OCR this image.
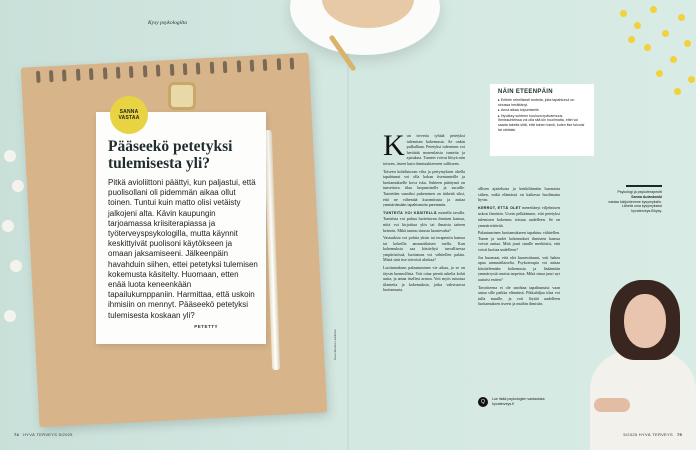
Kysy psykologilta
Pääseekö petetyksi tulemisesta yli?

Pitkä avioliittoni päättyi, kun paljastui, että puolisollani oli pidemmän aikaa ollut toinen. Tuntui kuin matto olisi vetäisty jalkojeni alta. Kävin kaupungin tarjoamassa kriisiterapiassa ja työterveyspsykologilla, mutta käynnit keskittyivät puolisoni käytökseen ja omaan jaksamiseeni. Jälkeenpäin havahduin siihen, ettei petetyksi tulemisen kokemusta käsitelty. Huomaan, etten enää luota keneenkään tapailukumppaniin. Harmittaa, että uskoin ihmisiin on mennyt. Pääseekö petetyksi tulemisesta koskaan yli?

PETETTY
SANNA
VASTAA
Kuva Markus Leikkinen
K un tervetia tyhtää petetyksi tulemisen kokemusta. Se onkin pulkallaan. Petetyksi tulemisen voi herättää monenlaisia tunteita ja ajatuksia. Tunteet voivat liittyä niin toiseen, itseen kuin ihmissuhteeseen sallitseen.

Toiseen kohdistuvan viha ja pettymyksen ohella tapahtunut voi olla kokan itsentunteille ja luottamukselle kova isku. Suhteen päättymä on tunsettava tilaa luopumiselle ja suruille. Tunteiden sanoiksi pukeminen on tärkeää siksi, että ne vähentää kuormitusta ja auttaa ymmärtämään tapahtunutta paremmin.

TUNTEITA VOI KÄSITELLÄ monella tavalla. Tunteista voi puhua luotettavan ihmisen kanssa, niitä voi kirjoittaa ylös tai ilmaista taiteen keinoin. Mikä tuntuu sinusta luontevalta?

Vastauksia voi pohtia yksin tai terapeutin kanssa tai kokeilla ammattilaisen tuella. Kun kokemuksia saa käsiteltyä turvallisessa ympäristössä, luottamus voi vähitellen palata. Mistä sinä itse toivoisit aloittaa?

Luottamuksen palautuminen vie aikaa, ja se on täysin luonnollista. Voit ottaa pieniä askelia kohti uutta, ja antaa itsellesi armoa. Voit myös tutustua tilanteita ja kokemuksia, jotka vahvistavat luottamusta.

allisen ajattelusta ja kenkiltämätn huomiota siihen, mikä elämässä on kaikesta huolimatta hyvin.

KERROT, ETTÄ OLET menettänyt viljelmisen uskon ihmisiin. Usein pelkäämme, että petetyksi tulemisen kokemus toistuu uudelleen. Se on ymmärrettävää.

Palautuminen luottamukseen tapahtuu vähitellen. Tunne ja uudet kokemukset ihmisten kanssa voivat auttaa. Mitä juuri sinulle merkitsisi, että voisit luottaa uudelleen?

Jos huomaat, että olet kuormittunut, voit hakea apua ammattilaiselta. Psykoterapia voi auttaa käsittelemään kokemusta ja lisäämään ymmärrystä omista tarpeista. Mikä sinua juuri nyt auttaisi eniten?

Tavoitteena ei ole unohtaa tapahtunutta vaan antaa sille paikka elämässä. Pikkuhiljaa tilaa voi tulla muulle, ja voit löytää uudelleen luottamuksen itseesi ja muihin ihmisiin.

NÄIN ETEENPÄIN
▸Erittele rehellisesti tunteita, joita tapahtunut on sinussa herättänyt.
▸Anna aikaa toipumiselle.
▸Hyväksy suhteen kuuluva epävarmuus. Ihmissuhteissa voi olla sitä kin huolimatta, ettei voi saada takeita siitä, että toinen toimii, kuten itse toivoisi tai olettaisi.
Psykologi ja psykoterapeutti
Sanna Aulankoski
vastaa lukijoidemme kysymyksiin.
Lähetä oma kysymyksesi hyvaterveys.fi/kysy.
Q	Lue lisää psykologien vastauksia: hyvaterveys.fi
74 HYVÄ TERVEYS 5/2025	5/2025 HYVÄ TERVEYS 75
